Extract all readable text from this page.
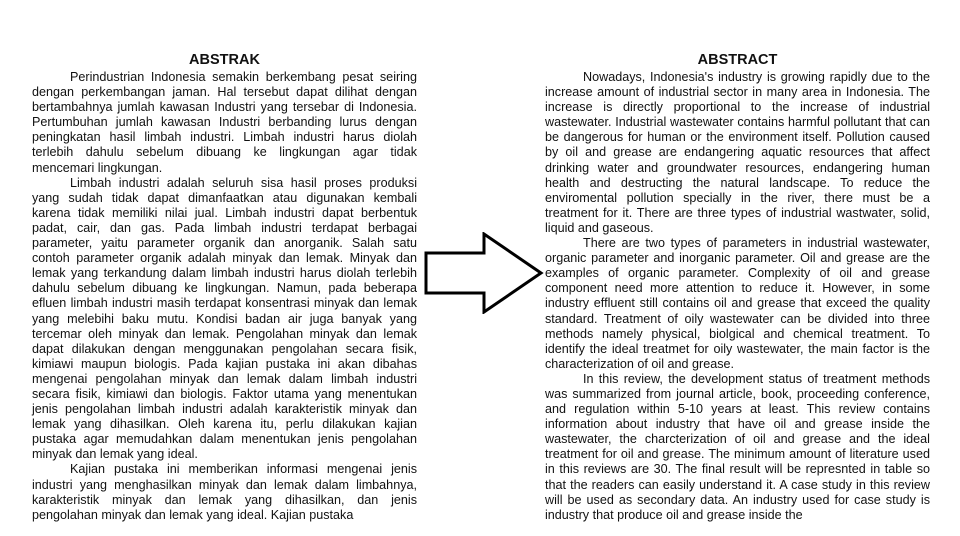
ABSTRAK

Perindustrian Indonesia semakin berkembang pesat seiring dengan perkembangan jaman. Hal tersebut dapat dilihat dengan bertambahnya jumlah kawasan Industri yang tersebar di Indonesia. Pertumbuhan jumlah kawasan Industri berbanding lurus dengan peningkatan hasil limbah industri. Limbah industri harus diolah terlebih dahulu sebelum dibuang ke lingkungan agar tidak mencemari lingkungan.

Limbah industri adalah seluruh sisa hasil proses produksi yang sudah tidak dapat dimanfaatkan atau digunakan kembali karena tidak memiliki nilai jual. Limbah industri dapat berbentuk padat, cair, dan gas. Pada limbah industri terdapat berbagai parameter, yaitu parameter organik dan anorganik. Salah satu contoh parameter organik adalah minyak dan lemak. Minyak dan lemak yang terkandung dalam limbah industri harus diolah terlebih dahulu sebelum dibuang ke lingkungan. Namun, pada beberapa efluen limbah industri masih terdapat konsentrasi minyak dan lemak yang melebihi baku mutu. Kondisi badan air juga banyak yang tercemar oleh minyak dan lemak. Pengolahan minyak dan lemak dapat dilakukan dengan menggunakan pengolahan secara fisik, kimiawi maupun biologis. Pada kajian pustaka ini akan dibahas mengenai pengolahan minyak dan lemak dalam limbah industri secara fisik, kimiawi dan biologis. Faktor utama yang menentukan jenis pengolahan limbah industri adalah karakteristik minyak dan lemak yang dihasilkan. Oleh karena itu, perlu dilakukan kajian pustaka agar memudahkan dalam menentukan jenis pengolahan minyak dan lemak yang ideal.

Kajian pustaka ini memberikan informasi mengenai jenis industri yang menghasilkan minyak dan lemak dalam limbahnya, karakteristik minyak dan lemak yang dihasilkan, dan jenis pengolahan minyak dan lemak yang ideal. Kajian pustaka

ABSTRACT

Nowadays, Indonesia's industry is growing rapidly due to the increase amount of industrial sector in many area in Indonesia. The increase is directly proportional to the increase of industrial wastewater. Industrial wastewater contains harmful pollutant that can be dangerous for human or the environment itself. Pollution caused by oil and grease are endangering aquatic resources that affect drinking water and groundwater resources, endangering human health and destructing the natural landscape. To reduce the enviromental pollution specially in the river, there must be a treatment for it. There are three types of industrial wastwater, solid, liquid and gaseous.

There are two types of parameters in industrial wastewater, organic parameter and inorganic parameter. Oil and grease are the examples of organic parameter. Complexity of oil and grease component need more attention to reduce it. However, in some industry effluent still contains oil and grease that exceed the quality standard. Treatment of oily wastewater can be divided into three methods namely physical, biolgical and chemical treatment. To identify the ideal treatmet for oily wastewater, the main factor is the characterization of oil and grease.

In this review, the development status of treatment methods was summarized from journal article, book, proceeding conference, and regulation within 5-10 years at least. This review contains information about industry that have oil and grease inside the wastewater, the charcterization of oil and grease and the ideal treatment for oil and grease. The minimum amount of literature used in this reviews are 30. The final result will be represnted in table so that the readers can easily understand it. A case study in this review will be used as secondary data. An industry used for case study is industry that produce oil and grease inside the
